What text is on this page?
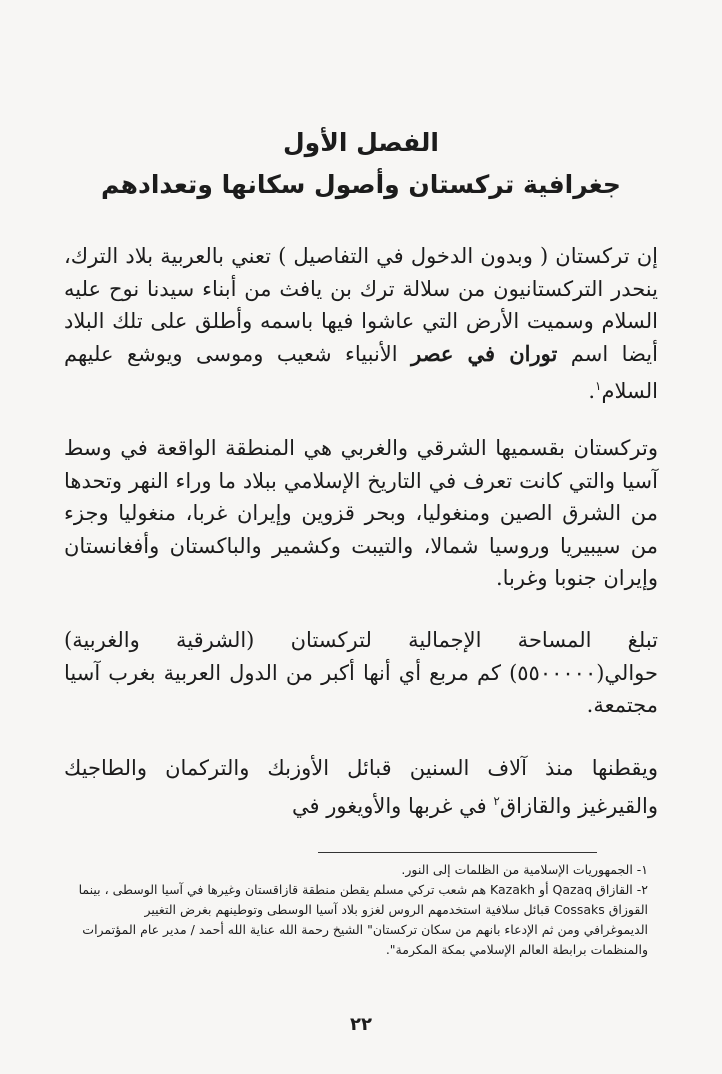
الفصل الأول
جغرافية تركستان وأصول سكانها وتعدادهم
إن تركستان ( وبدون الدخول في التفاصيل ) تعني بالعربية بلاد الترك، ينحدر التركستانيون من سلالة ترك بن يافث من أبناء سيدنا نوح عليه السلام وسميت الأرض التي عاشوا فيها باسمه وأطلق على تلك البلاد أيضا اسم توران في عصر الأنبياء شعيب وموسى ويوشع عليهم السلام$^١$.
وتركستان بقسميها الشرقي والغربي هي المنطقة الواقعة في وسط آسيا والتي كانت تعرف في التاريخ الإسلامي ببلاد ما وراء النهر وتحدها من الشرق الصين ومنغوليا، وبحر قزوين وإيران غربا، منغوليا وجزء من سيبيريا وروسيا شمالا، والتيبت وكشمير والباكستان وأفغانستان وإيران جنوبا وغربا.
تبلغ المساحة الإجمالية لتركستان (الشرقية والغربية) حوالي(٥٥٠٠٠٠٠) كم مربع أي أنها أكبر من الدول العربية بغرب آسيا مجتمعة.
ويقطنها منذ آلاف السنين قبائل الأوزبك والتركمان والطاجيك والقيرغيز والقازاق$^٢$ في غربها والأويغور في
١- الجمهوريات الإسلامية من الظلمات إلى النور.
٢- القازاق Qazaq أو Kazakh هم شعب تركي مسلم يقطن منطقة قازاقستان وغيرها في آسيا الوسطى ، بينما القوزاق Cossaks قبائل سلافية استخدمهم الروس لغزو بلاد آسيا الوسطى وتوطينهم بغرض التغيير الديموغرافي ومن ثم الإدعاء بانهم من سكان تركستان" الشيخ رحمة الله عناية الله أحمد / مدير عام المؤتمرات والمنظمات برابطة العالم الإسلامي بمكة المكرمة".
٢٢
